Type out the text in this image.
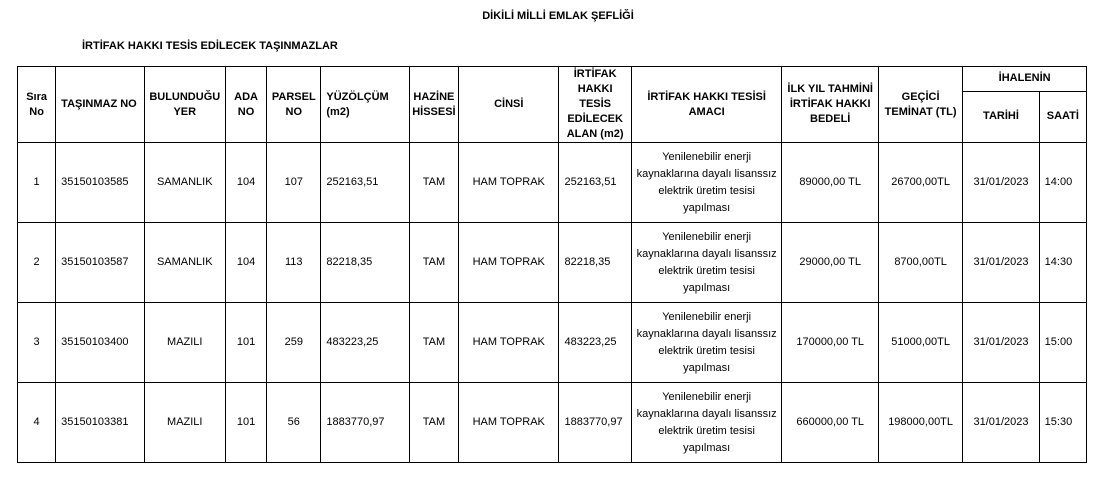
DİKİLİ MİLLİ EMLAK ŞEFLİĞİ
İRTİFAK HAKKI TESİS EDİLECEK TAŞINMAZLAR
Sıra No	TAŞINMAZ NO	BULUNDUĞU YER	ADA NO	PARSEL NO	YÜZÖLÇÜM (m2)	HAZİNE HİSSESİ	CİNSİ	İRTİFAK HAKKI TESİS EDİLECEK ALAN (m2)	İRTİFAK HAKKI TESİSİ AMACI	İLK YIL TAHMİNİ İRTİFAK HAKKI BEDELİ	GEÇİCİ TEMİNAT (TL)	İHALENİN	
												TARİHİ	SAATİ
1	35150103585	SAMANLIK	104	107	252163,51	TAM	HAM TOPRAK	252163,51	Yenilenebilir enerji kaynaklarına dayalı lisanssız elektrik üretim tesisi yapılması	89000,00 TL	26700,00TL	31/01/2023	14:00
2	35150103587	SAMANLIK	104	113	82218,35	TAM	HAM TOPRAK	82218,35	Yenilenebilir enerji kaynaklarına dayalı lisanssız elektrik üretim tesisi yapılması	29000,00 TL	8700,00TL	31/01/2023	14:30
3	35150103400	MAZILI	101	259	483223,25	TAM	HAM TOPRAK	483223,25	Yenilenebilir enerji kaynaklarına dayalı lisanssız elektrik üretim tesisi yapılması	170000,00 TL	51000,00TL	31/01/2023	15:00
4	35150103381	MAZILI	101	56	1883770,97	TAM	HAM TOPRAK	1883770,97	Yenilenebilir enerji kaynaklarına dayalı lisanssız elektrik üretim tesisi yapılması	660000,00 TL	198000,00TL	31/01/2023	15:30
